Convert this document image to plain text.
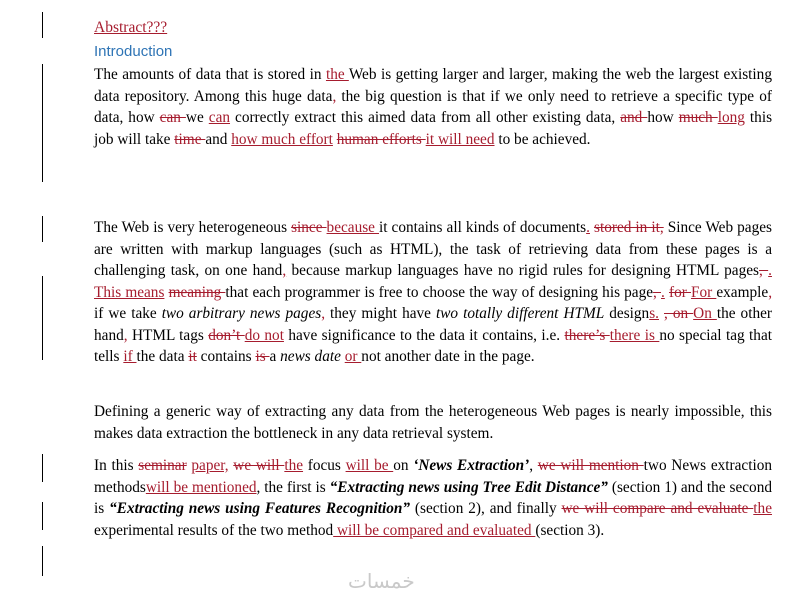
Abstract???
Introduction
The amounts of data that is stored in the Web is getting larger and larger, making the web the largest existing data repository. Among this huge data, the big question is that if we only need to retrieve a specific type of data, how can we can correctly extract this aimed data from all other existing data, and how much long this job will take time and how much effort human efforts it will need to be achieved.
The Web is very heterogeneous since because it contains all kinds of documents. stored in it, Since Web pages are written with markup languages (such as HTML), the task of retrieving data from these pages is a challenging task, on one hand, because markup languages have no rigid rules for designing HTML pages, . This means meaning that each programmer is free to choose the way of designing his page, . for For example, if we take two arbitrary news pages, they might have two totally different HTML designs. , on On the other hand, HTML tags don’t do not have significance to the data it contains, i.e. there’s there is no special tag that tells if the data it contains is a news date or not another date in the page.
Defining a generic way of extracting any data from the heterogeneous Web pages is nearly impossible, this makes data extraction the bottleneck in any data retrieval system.
In this seminar paper, we will the focus will be on ‘News Extraction’, we will mention two News extraction methodswill be mentioned, the first is “Extracting news using Tree Edit Distance” (section 1) and the second is “Extracting news using Features Recognition” (section 2), and finally we will compare and evaluate the experimental results of the two method will be compared and evaluated (section 3).
خمسات
